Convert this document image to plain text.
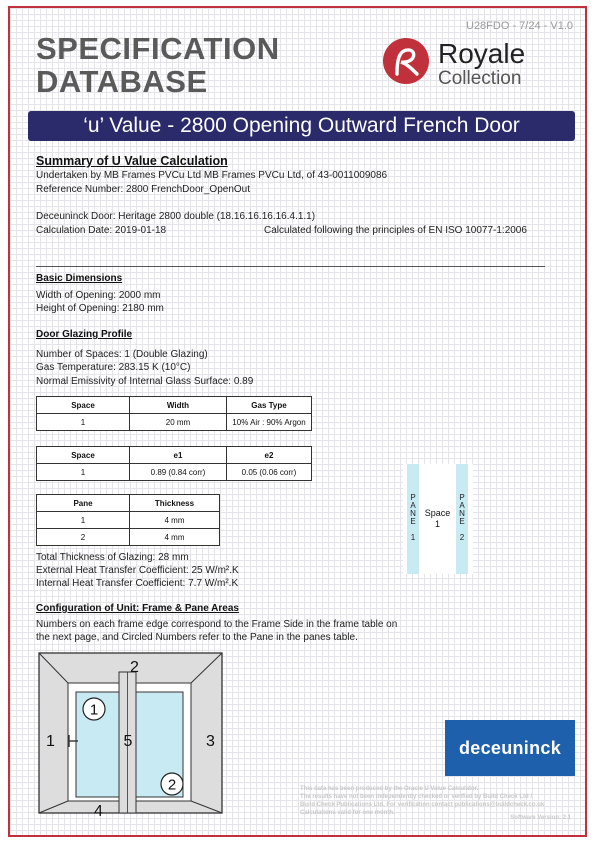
U28FDO - 7/24 - V1.0
SPECIFICATION
DATABASE
Royale
Collection
‘u’ Value - 2800 Opening Outward French Door
Summary of U Value Calculation
Undertaken by MB Frames PVCu Ltd MB Frames PVCu Ltd, of 43-0011009086
Reference Number: 2800 FrenchDoor_OpenOut
Deceuninck Door: Heritage 2800 double (18.16.16.16.16.4.1.1)
Calculation Date: 2019-01-18	Calculated following the principles of EN ISO 10077-1:2006
Basic Dimensions
Width of Opening: 2000 mm
Height of Opening: 2180 mm
Door Glazing Profile
Number of Spaces: 1 (Double Glazing)
Gas Temperature: 283.15 K (10°C)
Normal Emissivity of Internal Glass Surface: 0.89
Space	Width	Gas Type
1	20 mm	10% Air : 90% Argon
Space	e1	e2
1	0.89 (0.84 corr)	0.05 (0.06 corr)
Pane	Thickness
1	4 mm
2	4 mm
Total Thickness of Glazing: 28 mm
External Heat Transfer Coefficient: 25 W/m².K
Internal Heat Transfer Coefficient: 7.7 W/m².K
P
A
N
E
1
P
A
N
E
2
Space
1
Configuration of Unit: Frame & Pane Areas
Numbers on each frame edge correspond to the Frame Side in the frame table on
the next page, and Circled Numbers refer to the Pane in the panes table.
1
2
1
2
3
4
5	deceuninck
This data has been produced by the Oracle U Value Calculator.
The results have not been independently checked or verified by Build Check Ltd /
Build Check Publications Ltd. For verification contact publications@buildcheck.co.uk
Calculations valid for one month.
Software Version: 2.1
